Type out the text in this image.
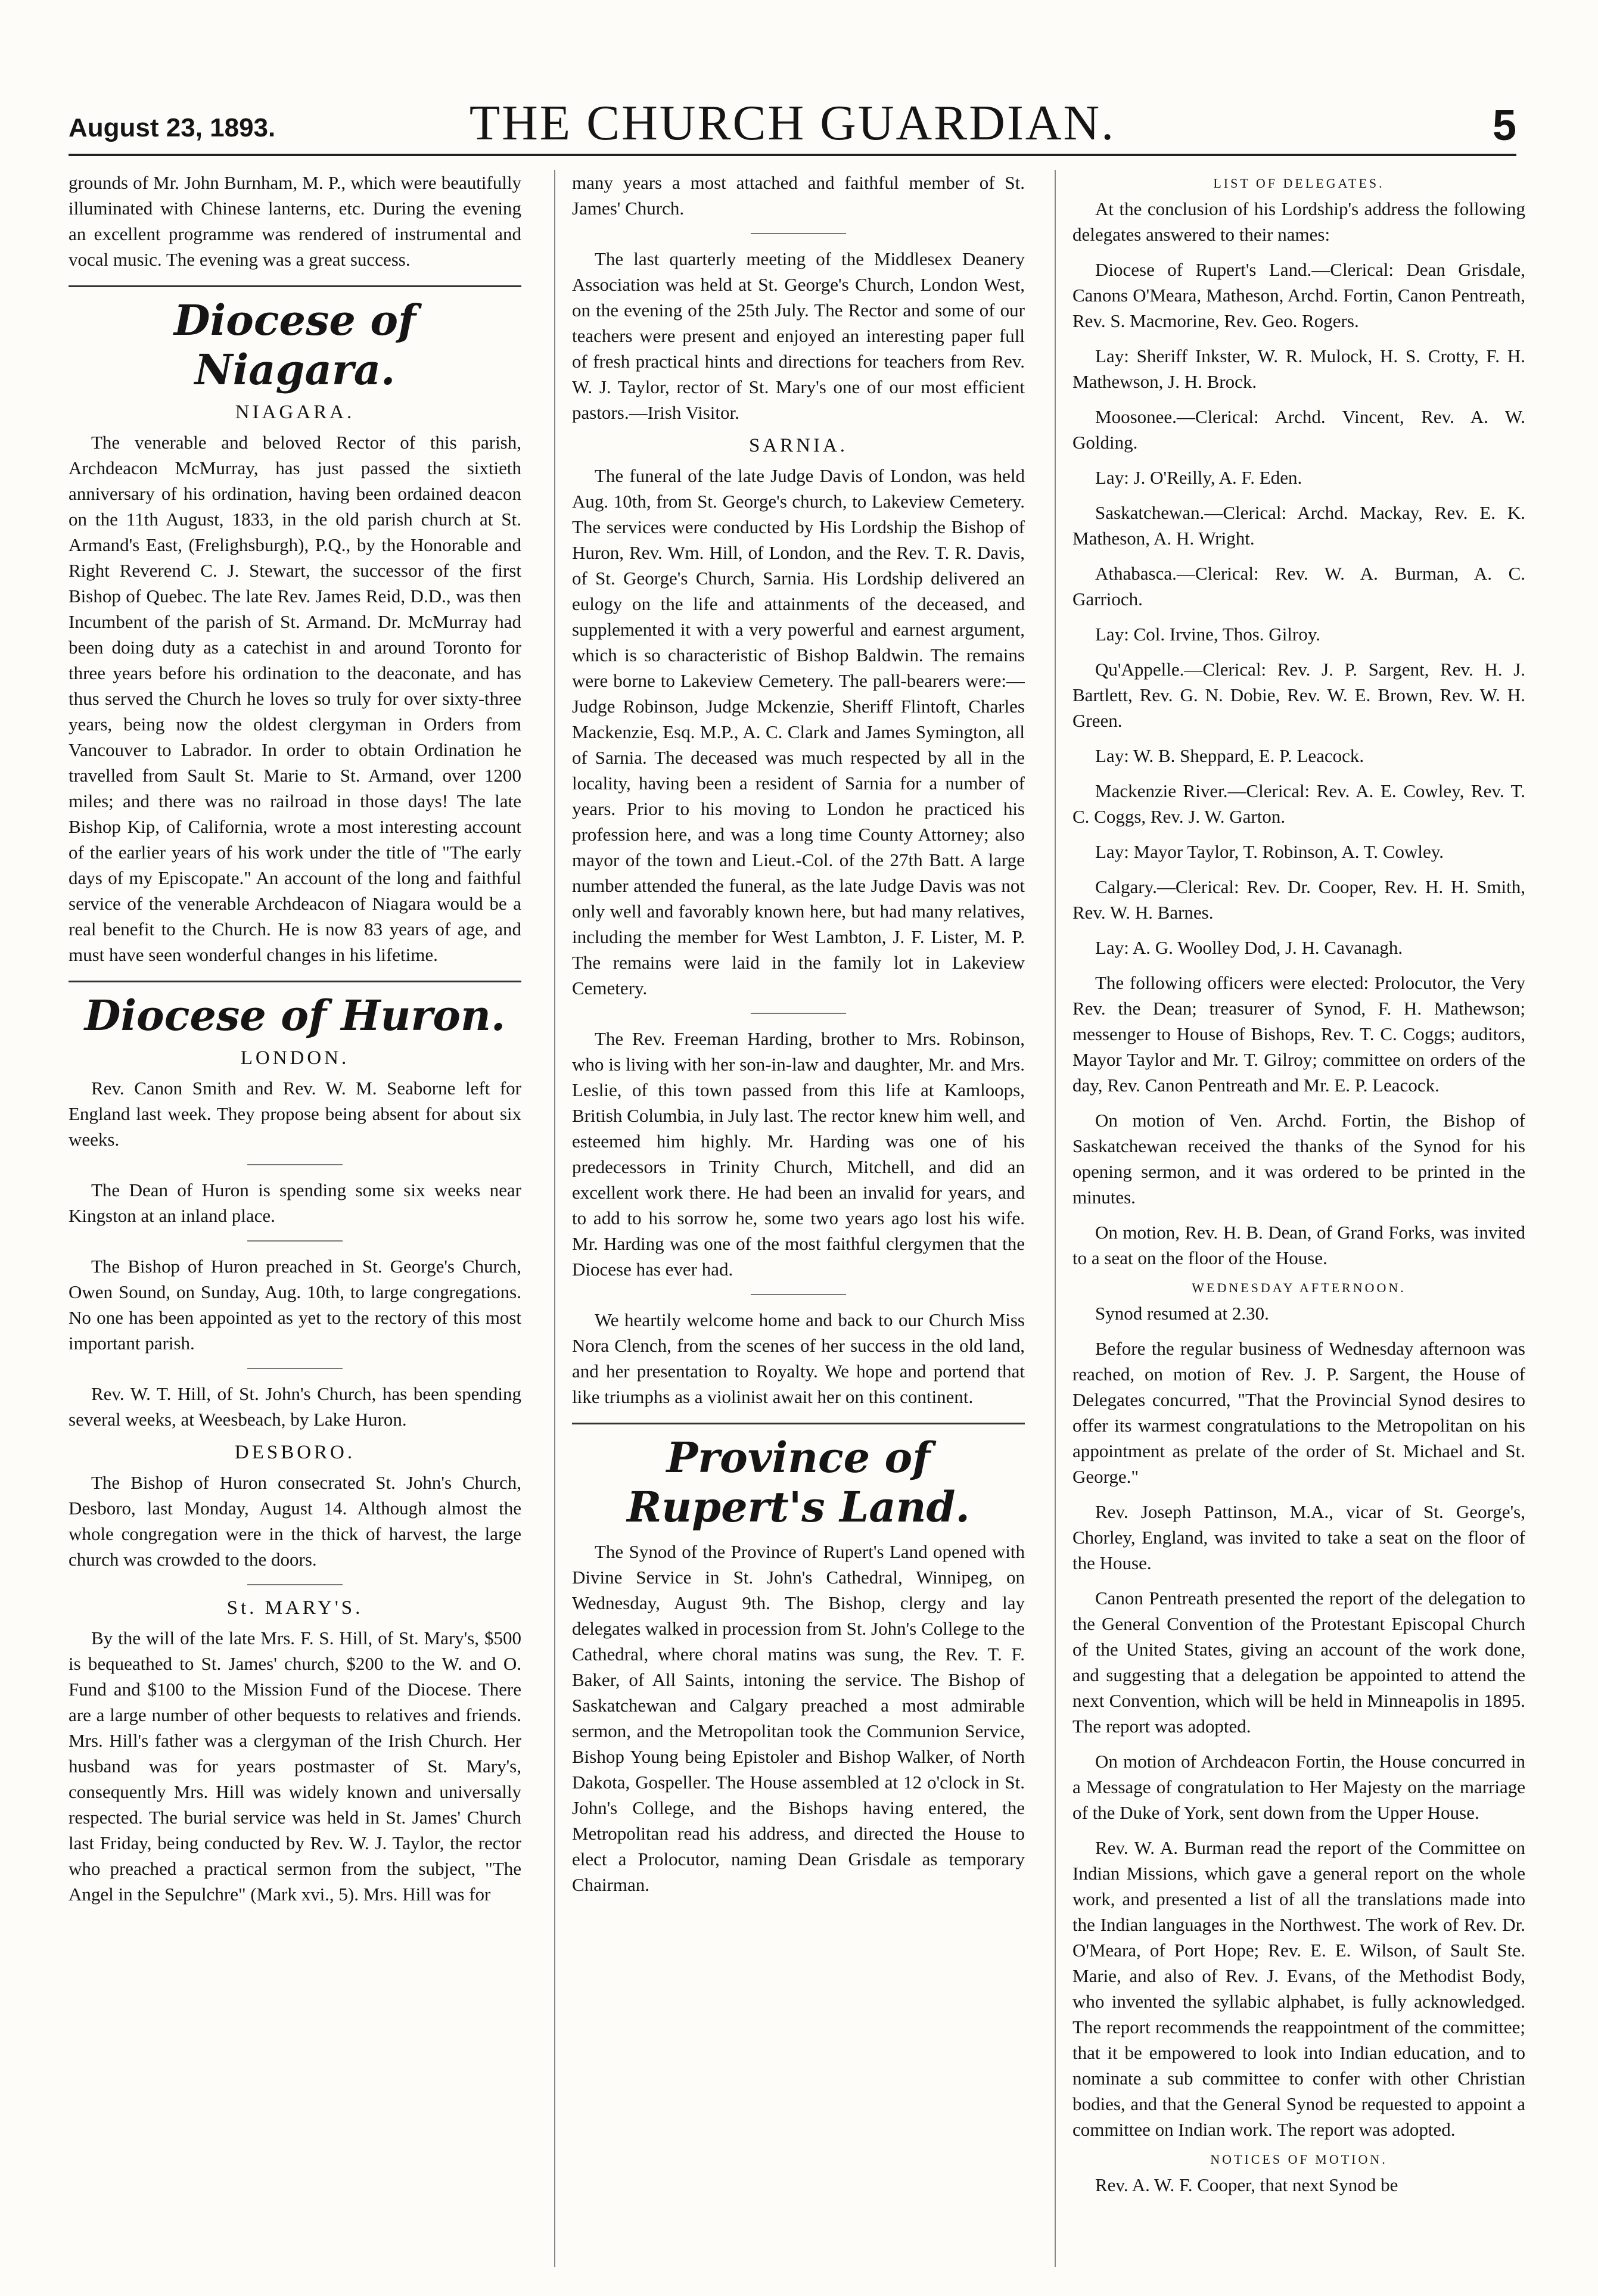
August 23, 1893.	THE CHURCH GUARDIAN.	5

grounds of Mr. John Burnham, M. P., which were beautifully illuminated with Chinese lanterns, etc. During the evening an excellent programme was rendered of instrumental and vocal music. The evening was a great success.

Diocese of Niagara.
NIAGARA.

The venerable and beloved Rector of this parish, Archdeacon McMurray, has just passed the sixtieth anniversary of his ordination, having been ordained deacon on the 11th August, 1833, in the old parish church at St. Armand's East, (Frelighsburgh), P.Q., by the Honorable and Right Reverend C. J. Stewart, the successor of the first Bishop of Quebec. The late Rev. James Reid, D.D., was then Incumbent of the parish of St. Armand. Dr. McMurray had been doing duty as a catechist in and around Toronto for three years before his ordination to the deaconate, and has thus served the Church he loves so truly for over sixty-three years, being now the oldest clergyman in Orders from Vancouver to Labrador. In order to obtain Ordination he travelled from Sault St. Marie to St. Armand, over 1200 miles; and there was no railroad in those days! The late Bishop Kip, of California, wrote a most interesting account of the earlier years of his work under the title of "The early days of my Episcopate." An account of the long and faithful service of the venerable Archdeacon of Niagara would be a real benefit to the Church. He is now 83 years of age, and must have seen wonderful changes in his lifetime.

Diocese of Huron.
LONDON.

Rev. Canon Smith and Rev. W. M. Seaborne left for England last week. They propose being absent for about six weeks.

The Dean of Huron is spending some six weeks near Kingston at an inland place.

The Bishop of Huron preached in St. George's Church, Owen Sound, on Sunday, Aug. 10th, to large congregations. No one has been appointed as yet to the rectory of this most important parish.

Rev. W. T. Hill, of St. John's Church, has been spending several weeks, at Weesbeach, by Lake Huron.

DESBORO.

The Bishop of Huron consecrated St. John's Church, Desboro, last Monday, August 14. Although almost the whole congregation were in the thick of harvest, the large church was crowded to the doors.

St. MARY'S.

By the will of the late Mrs. F. S. Hill, of St. Mary's, $500 is bequeathed to St. James' church, $200 to the W. and O. Fund and $100 to the Mission Fund of the Diocese. There are a large number of other bequests to relatives and friends. Mrs. Hill's father was a clergyman of the Irish Church. Her husband was for years postmaster of St. Mary's, consequently Mrs. Hill was widely known and universally respected. The burial service was held in St. James' Church last Friday, being conducted by Rev. W. J. Taylor, the rector who preached a practical sermon from the subject, "The Angel in the Sepulchre" (Mark xvi., 5). Mrs. Hill was for

many years a most attached and faithful member of St. James' Church.

The last quarterly meeting of the Middlesex Deanery Association was held at St. George's Church, London West, on the evening of the 25th July. The Rector and some of our teachers were present and enjoyed an interesting paper full of fresh practical hints and directions for teachers from Rev. W. J. Taylor, rector of St. Mary's one of our most efficient pastors.—Irish Visitor.

SARNIA.

The funeral of the late Judge Davis of London, was held Aug. 10th, from St. George's church, to Lakeview Cemetery. The services were conducted by His Lordship the Bishop of Huron, Rev. Wm. Hill, of London, and the Rev. T. R. Davis, of St. George's Church, Sarnia. His Lordship delivered an eulogy on the life and attainments of the deceased, and supplemented it with a very powerful and earnest argument, which is so characteristic of Bishop Baldwin. The remains were borne to Lakeview Cemetery. The pall-bearers were:—Judge Robinson, Judge Mckenzie, Sheriff Flintoft, Charles Mackenzie, Esq. M.P., A. C. Clark and James Symington, all of Sarnia. The deceased was much respected by all in the locality, having been a resident of Sarnia for a number of years. Prior to his moving to London he practiced his profession here, and was a long time County Attorney; also mayor of the town and Lieut.-Col. of the 27th Batt. A large number attended the funeral, as the late Judge Davis was not only well and favorably known here, but had many relatives, including the member for West Lambton, J. F. Lister, M. P. The remains were laid in the family lot in Lakeview Cemetery.

The Rev. Freeman Harding, brother to Mrs. Robinson, who is living with her son-in-law and daughter, Mr. and Mrs. Leslie, of this town passed from this life at Kamloops, British Columbia, in July last. The rector knew him well, and esteemed him highly. Mr. Harding was one of his predecessors in Trinity Church, Mitchell, and did an excellent work there. He had been an invalid for years, and to add to his sorrow he, some two years ago lost his wife. Mr. Harding was one of the most faithful clergymen that the Diocese has ever had.

We heartily welcome home and back to our Church Miss Nora Clench, from the scenes of her success in the old land, and her presentation to Royalty. We hope and portend that like triumphs as a violinist await her on this continent.

Province of Rupert's Land.

The Synod of the Province of Rupert's Land opened with Divine Service in St. John's Cathedral, Winnipeg, on Wednesday, August 9th. The Bishop, clergy and lay delegates walked in procession from St. John's College to the Cathedral, where choral matins was sung, the Rev. T. F. Baker, of All Saints, intoning the service. The Bishop of Saskatchewan and Calgary preached a most admirable sermon, and the Metropolitan took the Communion Service, Bishop Young being Epistoler and Bishop Walker, of North Dakota, Gospeller. The House assembled at 12 o'clock in St. John's College, and the Bishops having entered, the Metropolitan read his address, and directed the House to elect a Prolocutor, naming Dean Grisdale as temporary Chairman.

LIST OF DELEGATES.

At the conclusion of his Lordship's address the following delegates answered to their names:

Diocese of Rupert's Land.—Clerical: Dean Grisdale, Canons O'Meara, Matheson, Archd. Fortin, Canon Pentreath, Rev. S. Macmorine, Rev. Geo. Rogers.

Lay: Sheriff Inkster, W. R. Mulock, H. S. Crotty, F. H. Mathewson, J. H. Brock.

Moosonee.—Clerical: Archd. Vincent, Rev. A. W. Golding.

Lay: J. O'Reilly, A. F. Eden.

Saskatchewan.—Clerical: Archd. Mackay, Rev. E. K. Matheson, A. H. Wright.

Athabasca.—Clerical: Rev. W. A. Burman, A. C. Garrioch.

Lay: Col. Irvine, Thos. Gilroy.

Qu'Appelle.—Clerical: Rev. J. P. Sargent, Rev. H. J. Bartlett, Rev. G. N. Dobie, Rev. W. E. Brown, Rev. W. H. Green.

Lay: W. B. Sheppard, E. P. Leacock.

Mackenzie River.—Clerical: Rev. A. E. Cowley, Rev. T. C. Coggs, Rev. J. W. Garton.

Lay: Mayor Taylor, T. Robinson, A. T. Cowley.

Calgary.—Clerical: Rev. Dr. Cooper, Rev. H. H. Smith, Rev. W. H. Barnes.

Lay: A. G. Woolley Dod, J. H. Cavanagh.

The following officers were elected: Prolocutor, the Very Rev. the Dean; treasurer of Synod, F. H. Mathewson; messenger to House of Bishops, Rev. T. C. Coggs; auditors, Mayor Taylor and Mr. T. Gilroy; committee on orders of the day, Rev. Canon Pentreath and Mr. E. P. Leacock.

On motion of Ven. Archd. Fortin, the Bishop of Saskatchewan received the thanks of the Synod for his opening sermon, and it was ordered to be printed in the minutes.

On motion, Rev. H. B. Dean, of Grand Forks, was invited to a seat on the floor of the House.

WEDNESDAY AFTERNOON.

Synod resumed at 2.30.

Before the regular business of Wednesday afternoon was reached, on motion of Rev. J. P. Sargent, the House of Delegates concurred, "That the Provincial Synod desires to offer its warmest congratulations to the Metropolitan on his appointment as prelate of the order of St. Michael and St. George."

Rev. Joseph Pattinson, M.A., vicar of St. George's, Chorley, England, was invited to take a seat on the floor of the House.

Canon Pentreath presented the report of the delegation to the General Convention of the Protestant Episcopal Church of the United States, giving an account of the work done, and suggesting that a delegation be appointed to attend the next Convention, which will be held in Minneapolis in 1895. The report was adopted.

On motion of Archdeacon Fortin, the House concurred in a Message of congratulation to Her Majesty on the marriage of the Duke of York, sent down from the Upper House.

Rev. W. A. Burman read the report of the Committee on Indian Missions, which gave a general report on the whole work, and presented a list of all the translations made into the Indian languages in the Northwest. The work of Rev. Dr. O'Meara, of Port Hope; Rev. E. E. Wilson, of Sault Ste. Marie, and also of Rev. J. Evans, of the Methodist Body, who invented the syllabic alphabet, is fully acknowledged. The report recommends the reappointment of the committee; that it be empowered to look into Indian education, and to nominate a sub committee to confer with other Christian bodies, and that the General Synod be requested to appoint a committee on Indian work. The report was adopted.

NOTICES OF MOTION.

Rev. A. W. F. Cooper, that next Synod be
